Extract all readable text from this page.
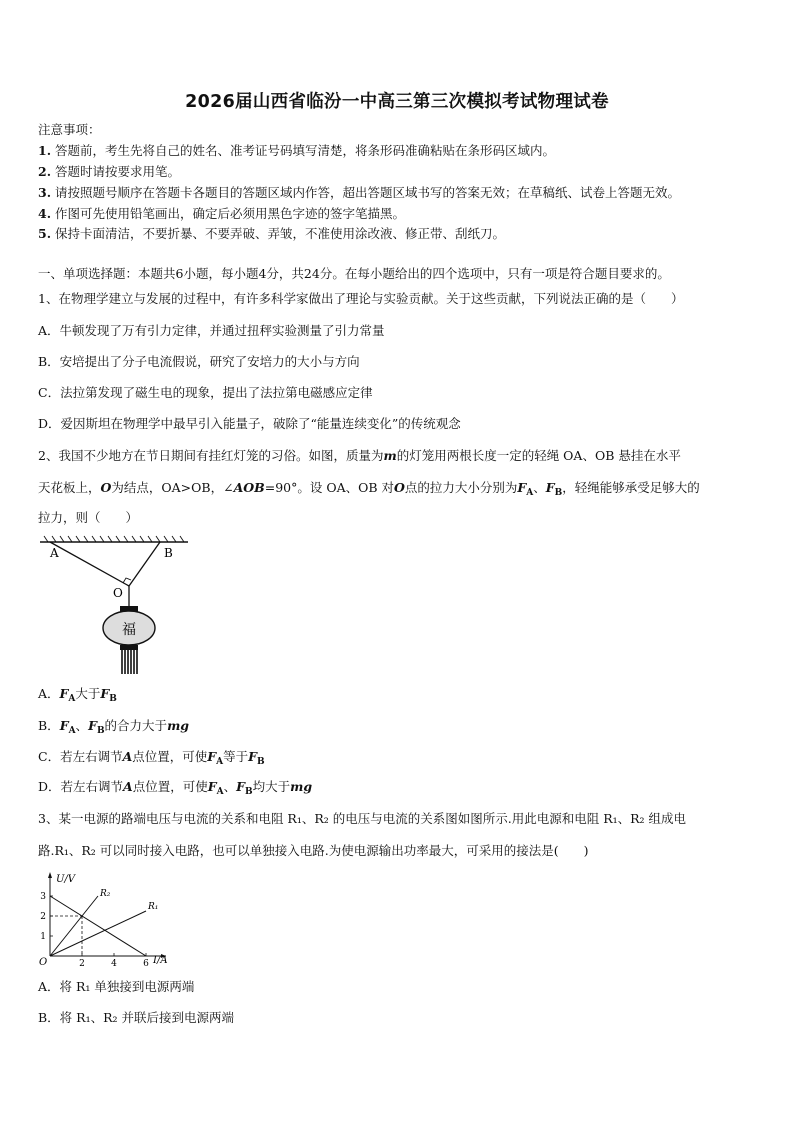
2026届山西省临汾一中高三第三次模拟考试物理试卷
注意事项：
1. 答题前，考生先将自己的姓名、准考证号码填写清楚，将条形码准确粘贴在条形码区域内。
2. 答题时请按要求用笔。
3. 请按照题号顺序在答题卡各题目的答题区域内作答，超出答题区域书写的答案无效；在草稿纸、试卷上答题无效。
4. 作图可先使用铅笔画出，确定后必须用黑色字迹的签字笔描黑。
5. 保持卡面清洁，不要折暴、不要弄破、弄皱，不准使用涂改液、修正带、刮纸刀。
一、单项选择题：本题共6小题，每小题4分，共24分。在每小题给出的四个选项中，只有一项是符合题目要求的。
1、在物理学建立与发展的过程中，有许多科学家做出了理论与实验贡献。关于这些贡献，下列说法正确的是（　　）
A．牛顿发现了万有引力定律，并通过扭秤实验测量了引力常量
B．安培提出了分子电流假说，研究了安培力的大小与方向
C．法拉第发现了磁生电的现象，提出了法拉第电磁感应定律
D．爱因斯坦在物理学中最早引入能量子，破除了“能量连续变化”的传统观念
2、我国不少地方在节日期间有挂红灯笼的习俗。如图，质量为m的灯笼用两根长度一定的轻绳 OA、OB 悬挂在水平
天花板上，O为结点，OA>OB，∠AOB=90°。设 OA、OB 对O点的拉力大小分别为$F_A$、$F_B$，轻绳能够承受足够大的
拉力，则（　　）
A	B
O
福
A．$F_A$大于$F_B$
B．$F_A$、$F_B$的合力大于mg
C．若左右调节A点位置，可使$F_A$等于$F_B$
D．若左右调节A点位置，可使$F_A$、$F_B$均大于mg
3、某一电源的路端电压与电流的关系和电阻 R₁、R₂ 的电压与电流的关系图如图所示.用此电源和电阻 R₁、R₂ 组成电
路.R₁、R₂ 可以同时接入电路，也可以单独接入电路.为使电源输出功率最大，可采用的接法是(　　)
U/V
I/A
O	2	4	6
1
2
3	R₂
R₁
A．将 R₁ 单独接到电源两端
B．将 R₁、R₂ 并联后接到电源两端
